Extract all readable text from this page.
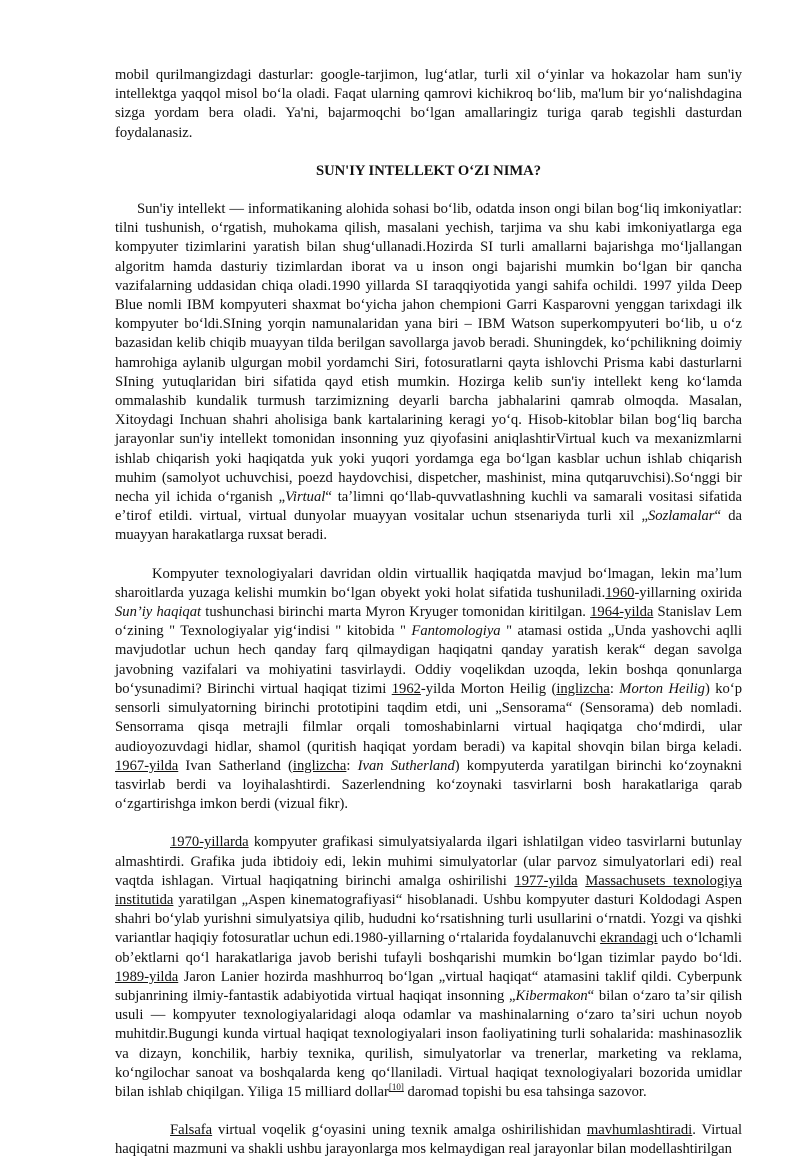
mobil qurilmangizdagi dasturlar: google-tarjimon, lugʻatlar, turli xil oʻyinlar va hokazolar ham sun'iy intellektga yaqqol misol boʻla oladi. Faqat ularning qamrovi kichikroq boʻlib, ma'lum bir yoʻnalishdagina sizga yordam bera oladi. Ya'ni, bajarmoqchi boʻlgan amallaringiz turiga qarab tegishli dasturdan foydalanasiz.

SUN'IY INTELLEKT OʻZI NIMA?

Sun'iy intellekt — informatikaning alohida sohasi boʻlib, odatda inson ongi bilan bogʻliq imkoniyatlar: tilni tushunish, oʻrgatish, muhokama qilish, masalani yechish, tarjima va shu kabi imkoniyatlarga ega kompyuter tizimlarini yaratish bilan shugʻullanadi.Hozirda SI turli amallarni bajarishga moʻljallangan algoritm hamda dasturiy tizimlardan iborat va u inson ongi bajarishi mumkin boʻlgan bir qancha vazifalarning uddasidan chiqa oladi.1990 yillarda SI taraqqiyotida yangi sahifa ochildi. 1997 yilda Deep Blue nomli IBM kompyuteri shaxmat boʻyicha jahon chempioni Garri Kasparovni yenggan tarixdagi ilk kompyuter boʻldi.SIning yorqin namunalaridan yana biri – IBM Watson superkompyuteri boʻlib, u oʻz bazasidan kelib chiqib muayyan tilda berilgan savollarga javob beradi. Shuningdek, koʻpchilikning doimiy hamrohiga aylanib ulgurgan mobil yordamchi Siri, fotosuratlarni qayta ishlovchi Prisma kabi dasturlarni SIning yutuqlaridan biri sifatida qayd etish mumkin. Hozirga kelib sun'iy intellekt keng koʻlamda ommalashib kundalik turmush tarzimizning deyarli barcha jabhalarini qamrab olmoqda. Masalan, Xitoydagi Inchuan shahri aholisiga bank kartalarining keragi yoʻq. Hisob-kitoblar bilan bogʻliq barcha jarayonlar sun'iy intellekt tomonidan insonning yuz qiyofasini aniqlashtirVirtual kuch va mexanizmlarni ishlab chiqarish yoki haqiqatda yuk yoki yuqori yordamga ega boʻlgan kasblar uchun ishlab chiqarish muhim (samolyot uchuvchisi, poezd haydovchisi, dispetcher, mashinist, mina qutqaruvchisi).Soʻnggi bir necha yil ichida oʻrganish „Virtual“ taʼlimni qoʻllab-quvvatlashning kuchli va samarali vositasi sifatida eʼtirof etildi. virtual, virtual dunyolar muayyan vositalar uchun stsenariyda turli xil „Sozlamalar“ da muayyan harakatlarga ruxsat beradi.

Kompyuter texnologiyalari davridan oldin virtuallik haqiqatda mavjud boʻlmagan, lekin maʼlum sharoitlarda yuzaga kelishi mumkin boʻlgan obyekt yoki holat sifatida tushuniladi.1960-yillarning oxirida Sun’iy haqiqat tushunchasi birinchi marta Myron Kryuger tomonidan kiritilgan. 1964-yilda Stanislav Lem oʻzining " Texnologiyalar yigʻindisi " kitobida " Fantomologiya " atamasi ostida „Unda yashovchi aqlli mavjudotlar uchun hech qanday farq qilmaydigan haqiqatni qanday yaratish kerak“ degan savolga javobning vazifalari va mohiyatini tasvirlaydi. Oddiy voqelikdan uzoqda, lekin boshqa qonunlarga boʻysunadimi? Birinchi virtual haqiqat tizimi 1962-yilda Morton Heilig (inglizcha: Morton Heilig) koʻp sensorli simulyatorning birinchi prototipini taqdim etdi, uni „Sensorama“ (Sensorama) deb nomladi. Sensorrama qisqa metrajli filmlar orqali tomoshabinlarni virtual haqiqatga choʻmdirdi, ular audioyozuvdagi hidlar, shamol (quritish haqiqat yordam beradi) va kapital shovqin bilan birga keladi. 1967-yilda Ivan Satherland (inglizcha: Ivan Sutherland) kompyuterda yaratilgan birinchi koʻzoynakni tasvirlab berdi va loyihalashtirdi. Sazerlendning koʻzoynaki tasvirlarni bosh harakatlariga qarab oʻzgartirishga imkon berdi (vizual fikr).

1970-yillarda kompyuter grafikasi simulyatsiyalarda ilgari ishlatilgan video tasvirlarni butunlay almashtirdi. Grafika juda ibtidoiy edi, lekin muhimi simulyatorlar (ular parvoz simulyatorlari edi) real vaqtda ishlagan. Virtual haqiqatning birinchi amalga oshirilishi 1977-yilda Massachusets texnologiya institutida yaratilgan „Aspen kinematografiyasi“ hisoblanadi. Ushbu kompyuter dasturi Koldodagi Aspen shahri boʻylab yurishni simulyatsiya qilib, hududni koʻrsatishning turli usullarini oʻrnatdi. Yozgi va qishki variantlar haqiqiy fotosuratlar uchun edi.1980-yillarning oʻrtalarida foydalanuvchi ekrandagi uch oʻlchamli obʼektlarni qoʻl harakatlariga javob berishi tufayli boshqarishi mumkin boʻlgan tizimlar paydo boʻldi. 1989-yilda Jaron Lanier hozirda mashhurroq boʻlgan „virtual haqiqat“ atamasini taklif qildi. Cyberpunk subjanrining ilmiy-fantastik adabiyotida virtual haqiqat insonning „Kibermakon“ bilan oʻzaro taʼsir qilish usuli — kompyuter texnologiyalaridagi aloqa odamlar va mashinalarning oʻzaro taʼsiri uchun noyob muhitdir.Bugungi kunda virtual haqiqat texnologiyalari inson faoliyatining turli sohalarida: mashinasozlik va dizayn, konchilik, harbiy texnika, qurilish, simulyatorlar va trenerlar, marketing va reklama, koʻngilochar sanoat va boshqalarda keng qoʻllaniladi. Virtual haqiqat texnologiyalari bozorida umidlar bilan ishlab chiqilgan. Yiliga 15 milliard dollar[10] daromad topishi bu esa tahsinga sazovor.

Falsafa virtual voqelik gʻoyasini uning texnik amalga oshirilishidan mavhumlashtiradi. Virtual haqiqatni mazmuni va shakli ushbu jarayonlarga mos kelmaydigan real jarayonlar bilan modellashtirilgan
